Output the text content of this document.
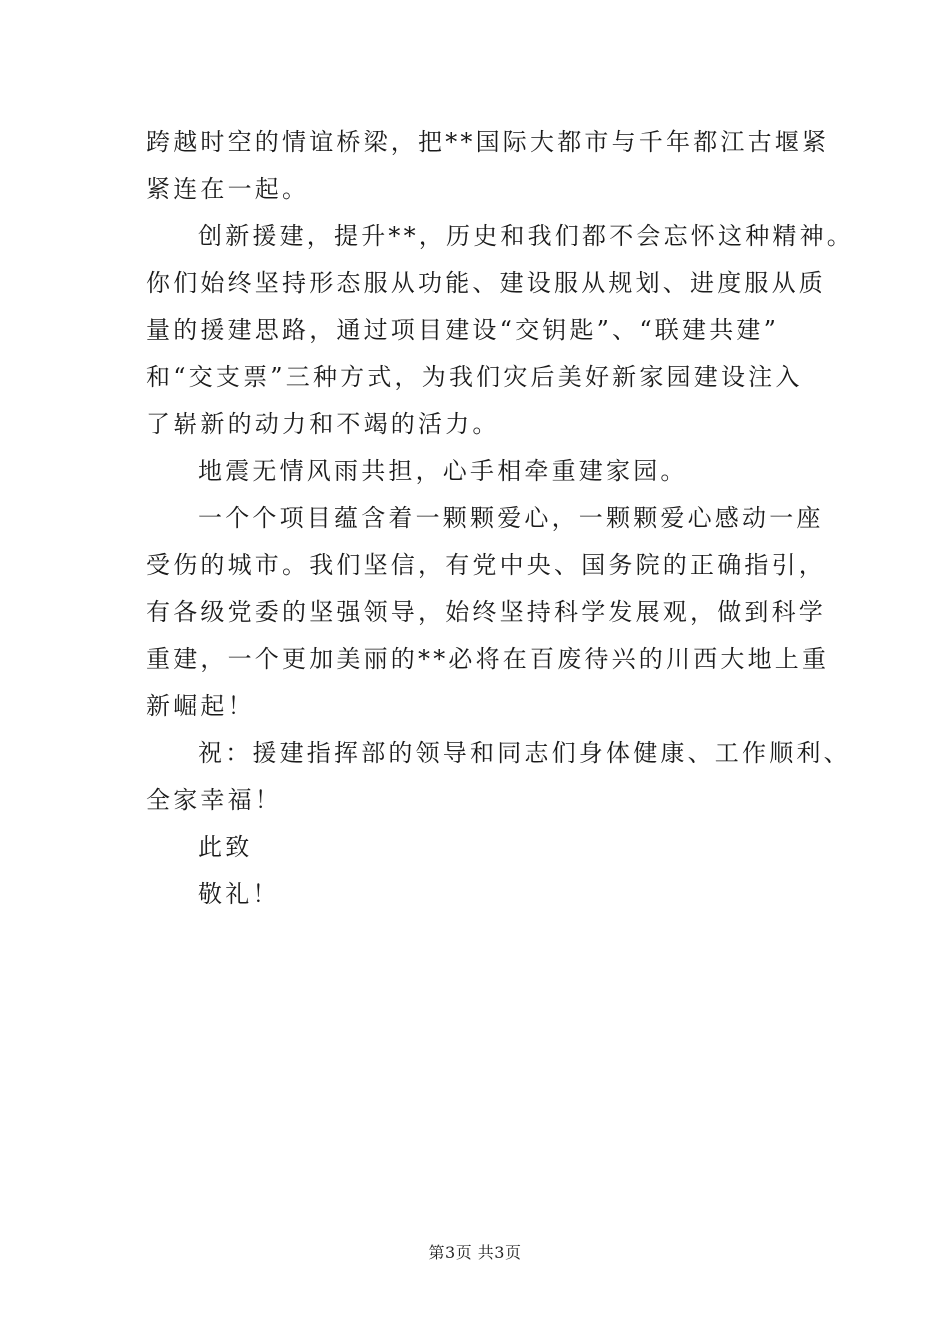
跨越时空的情谊桥梁，把**国际大都市与千年都江古堰紧
紧连在一起。
创新援建，提升**，历史和我们都不会忘怀这种精神。
你们始终坚持形态服从功能、建设服从规划、进度服从质
量的援建思路，通过项目建设“交钥匙”、“联建共建”
和“交支票”三种方式，为我们灾后美好新家园建设注入
了崭新的动力和不竭的活力。
地震无情风雨共担，心手相牵重建家园。
一个个项目蕴含着一颗颗爱心，一颗颗爱心感动一座
受伤的城市。我们坚信，有党中央、国务院的正确指引，
有各级党委的坚强领导，始终坚持科学发展观，做到科学
重建，一个更加美丽的**必将在百废待兴的川西大地上重
新崛起！
祝：援建指挥部的领导和同志们身体健康、工作顺利、
全家幸福！
此致
敬礼！
第3页 共3页
